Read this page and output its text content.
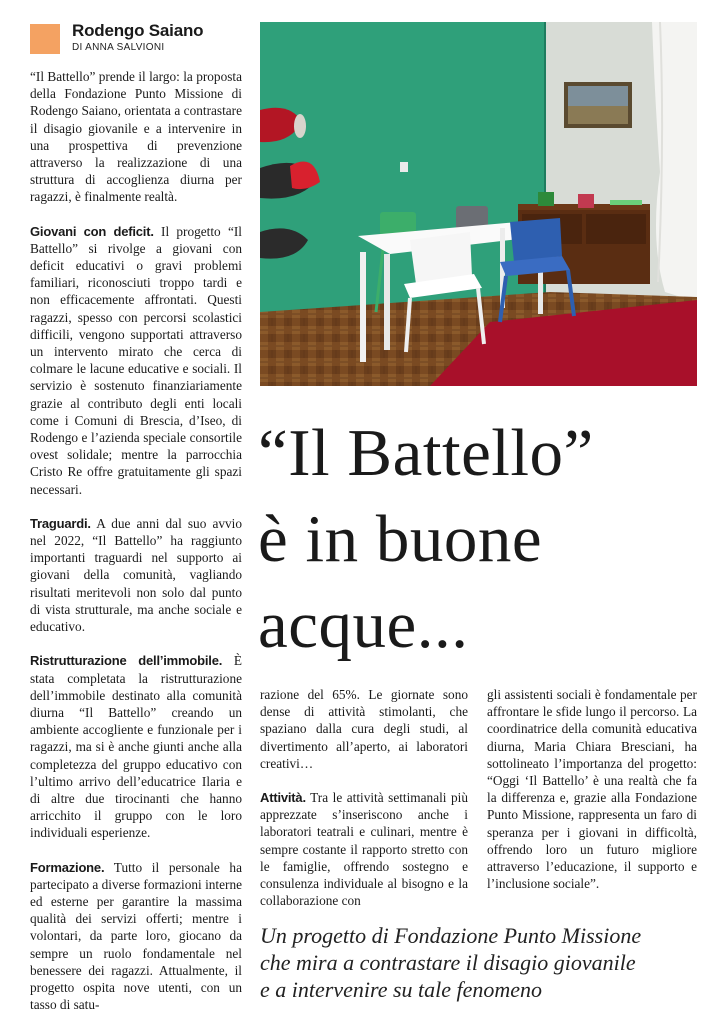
Rodengo Saiano
DI ANNA SALVIONI

“Il Battello” prende il largo: la proposta della Fondazione Punto Missione di Rodengo Saiano, orientata a contrastare il disagio giovanile e a intervenire in una prospettiva di prevenzione attraverso la realizzazione di una struttura di accoglienza diurna per ragazzi, è finalmente realtà.

Giovani con deficit. Il progetto “Il Battello” si rivolge a giovani con deficit educativi o gravi problemi familiari, riconosciuti troppo tardi e non efficacemente affrontati. Questi ragazzi, spesso con percorsi scolastici difficili, vengono supportati attraverso un intervento mirato che cerca di colmare le lacune educative e sociali. Il servizio è sostenuto finanziariamente grazie al contributo degli enti locali come i Comuni di Brescia, d’Iseo, di Rodengo e l’azienda speciale consortile ovest solidale; mentre la parrocchia Cristo Re offre gratuitamente gli spazi necessari.

Traguardi. A due anni dal suo avvio nel 2022, “Il Battello” ha raggiunto importanti traguardi nel supporto ai giovani della comunità, vagliando risultati meritevoli non solo dal punto di vista strutturale, ma anche sociale e educativo.

Ristrutturazione dell’immobile. È stata completata la ristrutturazione dell’immobile destinato alla comunità diurna “Il Battello” creando un ambiente accogliente e funzionale per i ragazzi, ma si è anche giunti anche alla completezza del gruppo educativo con l’ultimo arrivo dell’educatrice Ilaria e di altre due tirocinanti che hanno arricchito il gruppo con le loro individuali esperienze.

Formazione. Tutto il personale ha partecipato a diverse formazioni interne ed esterne per garantire la massima qualità dei servizi offerti; mentre i volontari, da parte loro, giocano da sempre un ruolo fondamentale nel benessere dei ragazzi. Attualmente, il progetto ospita nove utenti, con un tasso di satu-

“Il Battello”
è in buone
acque...

razione del 65%. Le giornate sono dense di attività stimolanti, che spaziano dalla cura degli studi, al divertimento all’aperto, ai laboratori creativi…

Attività. Tra le attività settimanali più apprezzate s’inseriscono anche i laboratori teatrali e culinari, mentre è sempre costante il rapporto stretto con le famiglie, offrendo sostegno e consulenza individuale al bisogno e la collaborazione con

gli assistenti sociali è fondamentale per affrontare le sfide lungo il percorso. La coordinatrice della comunità educativa diurna, Maria Chiara Bresciani, ha sottolineato l’importanza del progetto: “Oggi ‘Il Battello’ è una realtà che fa la differenza e, grazie alla Fondazione Punto Missione, rappresenta un faro di speranza per i giovani in difficoltà, offrendo loro un futuro migliore attraverso l’educazione, il supporto e l’inclusione sociale”.

Un progetto di Fondazione Punto Missione
che mira a contrastare il disagio giovanile
e a intervenire su tale fenomeno
